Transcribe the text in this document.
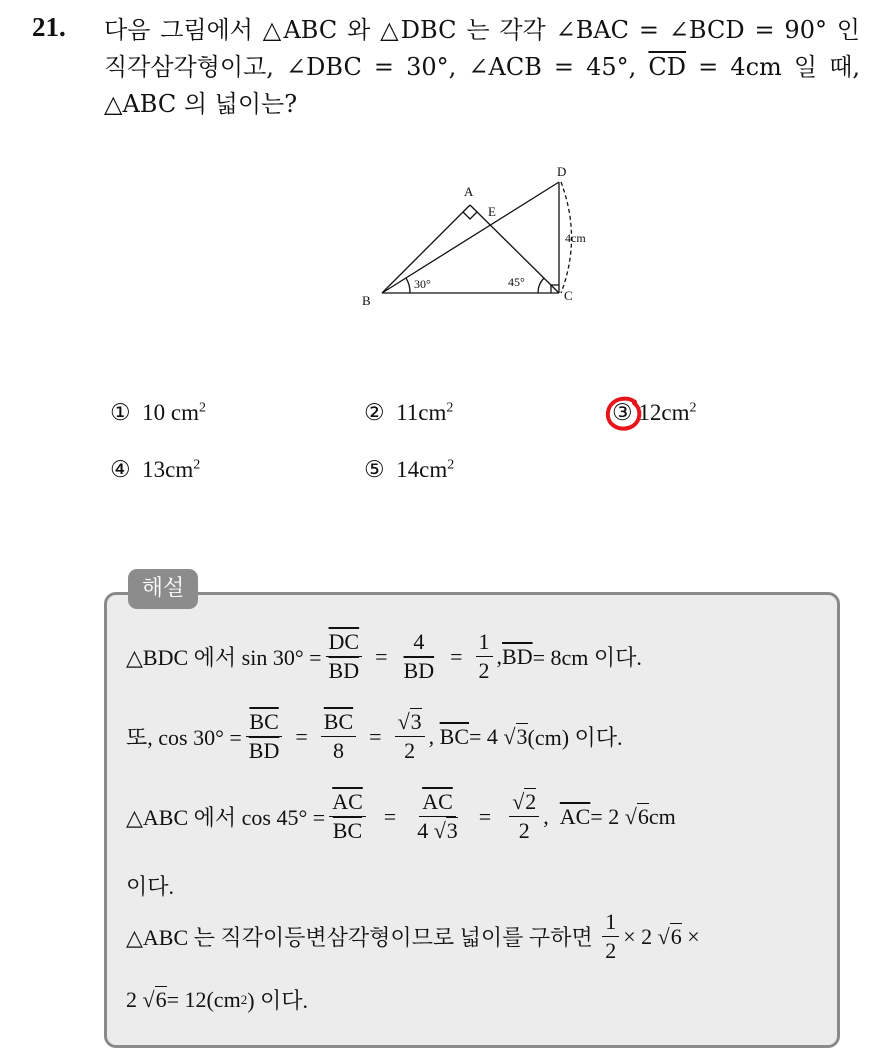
21. 다음 그림에서 △ABC 와 △DBC 는 각각 ∠BAC = ∠BCD = 90° 인
직각삼각형이고, ∠DBC = 30°, ∠ACB = 45°, $\overline{CD} = 4cm$ 일 때,
△ABC 의 넓이는?
A
B	C
D
E
30°	45°
4cm
① 10 $cm^2$	② $11cm^2$	③ $12cm^2$
④ $13cm^2$	⑤ $14cm^2$
해설
△BDC 에서 $\sin 30^\circ = \frac{\overline{DC}}{BD} = \frac{4}{BD} = \frac{1}{2}$ , $\overline{BD} = 8cm$ 이다.
또, $\cos 30^\circ = \frac{\overline{BC}}{BD} = \frac{\overline{BC}}{8} = \frac{√3}{2}$ , $\overline{BC} = 4$
√ 3 (cm) 이다.
△ABC 에서 $\cos 45^\circ = \frac{\overline{AC}}{BC} = \frac{\overline{AC}}{4 √3} = \frac{√2}{2}$ , $\overline{AC} = 2$
√ 6 cm
이다.
△ABC 는 직각이등변삼각형이므로 넓이를 구하면
$\frac{1}{2} \times 2$
√ 6
×
2
√ 6 = 12(cm 2 ) 이다.
